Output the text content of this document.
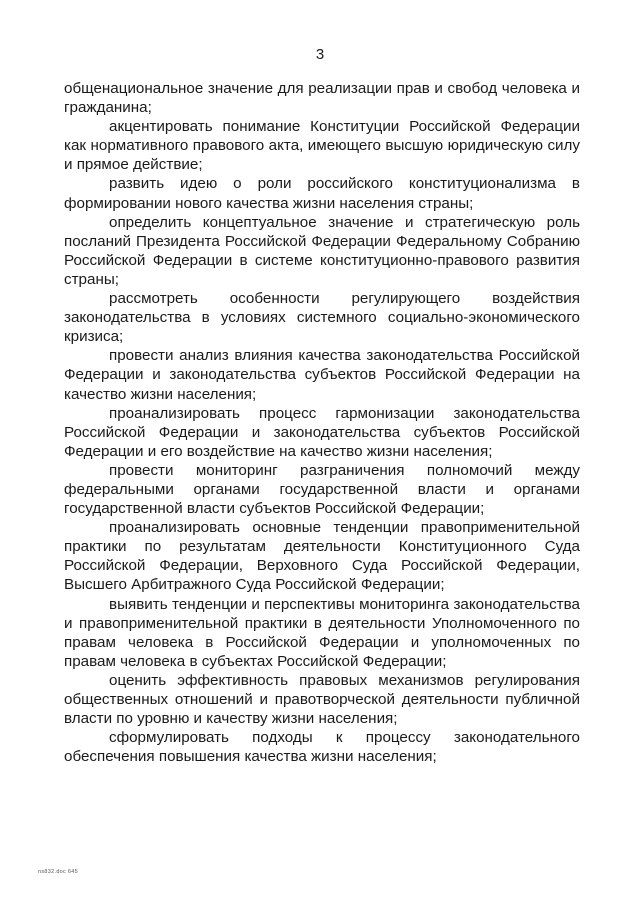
3

общенациональное значение для реализации прав и свобод человека и гражданина;

акцентировать понимание Конституции Российской Федерации как нормативного правового акта, имеющего высшую юридическую силу и прямое действие;

развить идею о роли российского конституционализма в формировании нового качества жизни населения страны;

определить концептуальное значение и стратегическую роль посланий Президента Российской Федерации Федеральному Собранию Российской Федерации в системе конституционно-правового развития страны;

рассмотреть особенности регулирующего воздействия законодательства в условиях системного социально-экономического кризиса;

провести анализ влияния качества законодательства Российской Федерации и законодательства субъектов Российской Федерации на качество жизни населения;

проанализировать процесс гармонизации законодательства Российской Федерации и законодательства субъектов Российской Федерации и его воздействие на качество жизни населения;

провести мониторинг разграничения полномочий между федеральными органами государственной власти и органами государственной власти субъектов Российской Федерации;

проанализировать основные тенденции правоприменительной практики по результатам деятельности Конституционного Суда Российской Федерации, Верховного Суда Российской Федерации, Высшего Арбитражного Суда Российской Федерации;

выявить тенденции и перспективы мониторинга законодательства и правоприменительной практики в деятельности Уполномоченного по правам человека в Российской Федерации и уполномоченных по правам человека в субъектах Российской Федерации;

оценить эффективность правовых механизмов регулирования общественных отношений и правотворческой деятельности публичной власти по уровню и качеству жизни населения;

сформулировать подходы к процессу законодательного обеспечения повышения качества жизни населения;

ns832.doc 645
